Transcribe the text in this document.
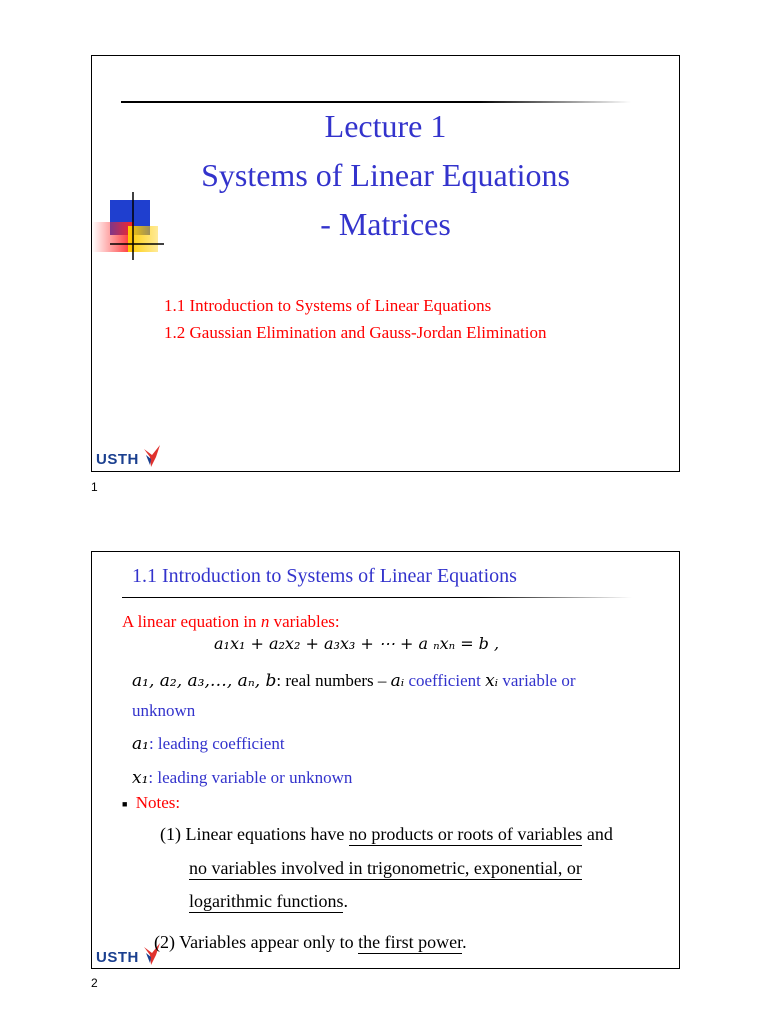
Lecture 1
Systems of Linear Equations
- Matrices
1.1 Introduction to Systems of Linear Equations
1.2 Gaussian Elimination and Gauss-Jordan Elimination
USTH
1
1.1 Introduction to Systems of Linear Equations
A linear equation in n variables:
a₁x₁ + a₂x₂ + a₃x₃ + ⋯ + a ₙxₙ = b ,
a₁, a₂, a₃,…, aₙ, b: real numbers – aᵢ coefficient xᵢ variable or
unknown
a₁: leading coefficient
x₁: leading variable or unknown
■ Notes:
(1) Linear equations have no products or roots of variables and
no variables involved in trigonometric, exponential, or
logarithmic functions.
USTH
(2) Variables appear only to the first power.
2
